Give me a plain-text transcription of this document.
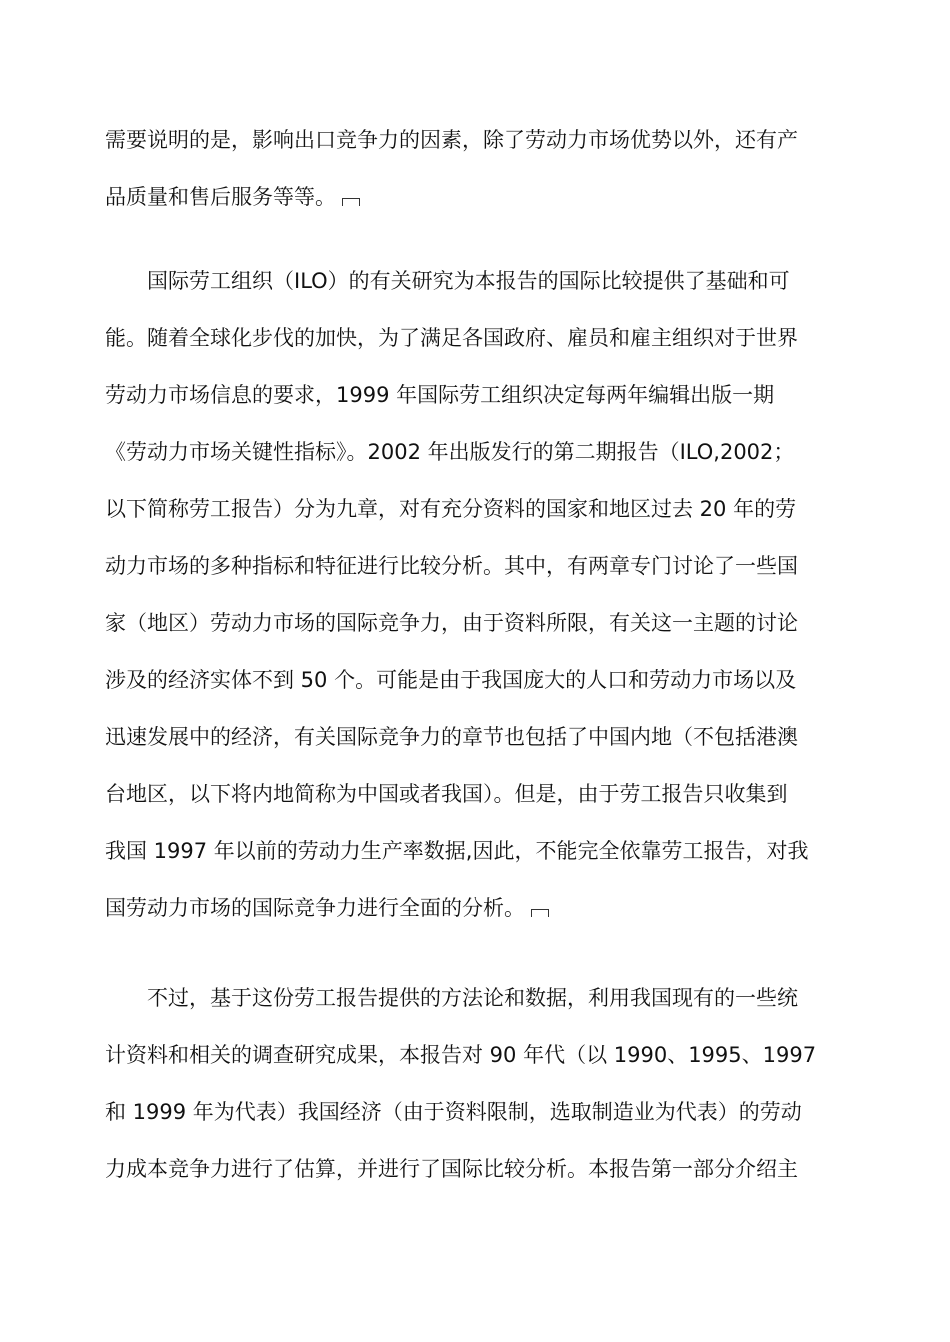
需要说明的是，影响出口竞争力的因素，除了劳动力市场优势以外，还有产
品质量和售后服务等等。
　　国际劳工组织（ILO）的有关研究为本报告的国际比较提供了基础和可
能。随着全球化步伐的加快，为了满足各国政府、雇员和雇主组织对于世界
劳动力市场信息的要求，1999 年国际劳工组织决定每两年编辑出版一期
《劳动力市场关键性指标》。2002 年出版发行的第二期报告（ILO,2002；
以下简称劳工报告）分为九章，对有充分资料的国家和地区过去 20 年的劳
动力市场的多种指标和特征进行比较分析。其中，有两章专门讨论了一些国
家（地区）劳动力市场的国际竞争力，由于资料所限，有关这一主题的讨论
涉及的经济实体不到 50 个。可能是由于我国庞大的人口和劳动力市场以及
迅速发展中的经济，有关国际竞争力的章节也包括了中国内地（不包括港澳
台地区，以下将内地简称为中国或者我国）。但是，由于劳工报告只收集到
我国 1997 年以前的劳动力生产率数据,因此，不能完全依靠劳工报告，对我
国劳动力市场的国际竞争力进行全面的分析。
　　不过，基于这份劳工报告提供的方法论和数据，利用我国现有的一些统
计资料和相关的调查研究成果，本报告对 90 年代（以 1990、1995、1997
和 1999 年为代表）我国经济（由于资料限制，选取制造业为代表）的劳动
力成本竞争力进行了估算，并进行了国际比较分析。本报告第一部分介绍主
